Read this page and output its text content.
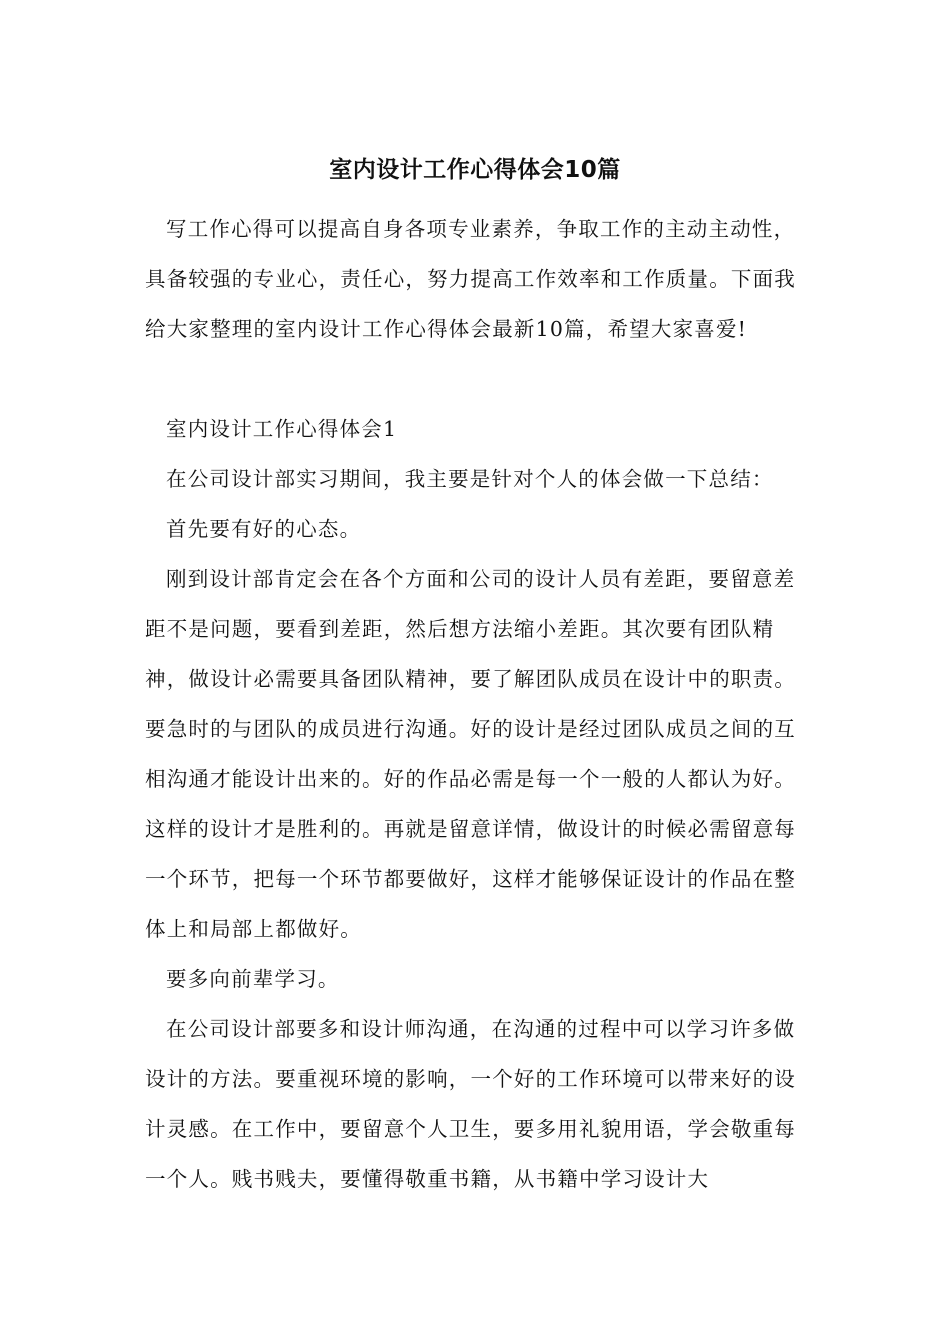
室内设计工作心得体会10篇

写工作心得可以提高自身各项专业素养，争取工作的主动主动性，具备较强的专业心，责任心，努力提高工作效率和工作质量。下面我给大家整理的室内设计工作心得体会最新10篇，希望大家喜爱!

室内设计工作心得体会1

在公司设计部实习期间，我主要是针对个人的体会做一下总结：

首先要有好的心态。

刚到设计部肯定会在各个方面和公司的设计人员有差距，要留意差距不是问题，要看到差距，然后想方法缩小差距。其次要有团队精神，做设计必需要具备团队精神，要了解团队成员在设计中的职责。要急时的与团队的成员进行沟通。好的设计是经过团队成员之间的互相沟通才能设计出来的。好的作品必需是每一个一般的人都认为好。这样的设计才是胜利的。再就是留意详情，做设计的时候必需留意每一个环节，把每一个环节都要做好，这样才能够保证设计的作品在整体上和局部上都做好。

要多向前辈学习。

在公司设计部要多和设计师沟通，在沟通的过程中可以学习许多做设计的方法。要重视环境的影响，一个好的工作环境可以带来好的设计灵感。在工作中，要留意个人卫生，要多用礼貌用语，学会敬重每一个人。贱书贱夫，要懂得敬重书籍，从书籍中学习设计大
